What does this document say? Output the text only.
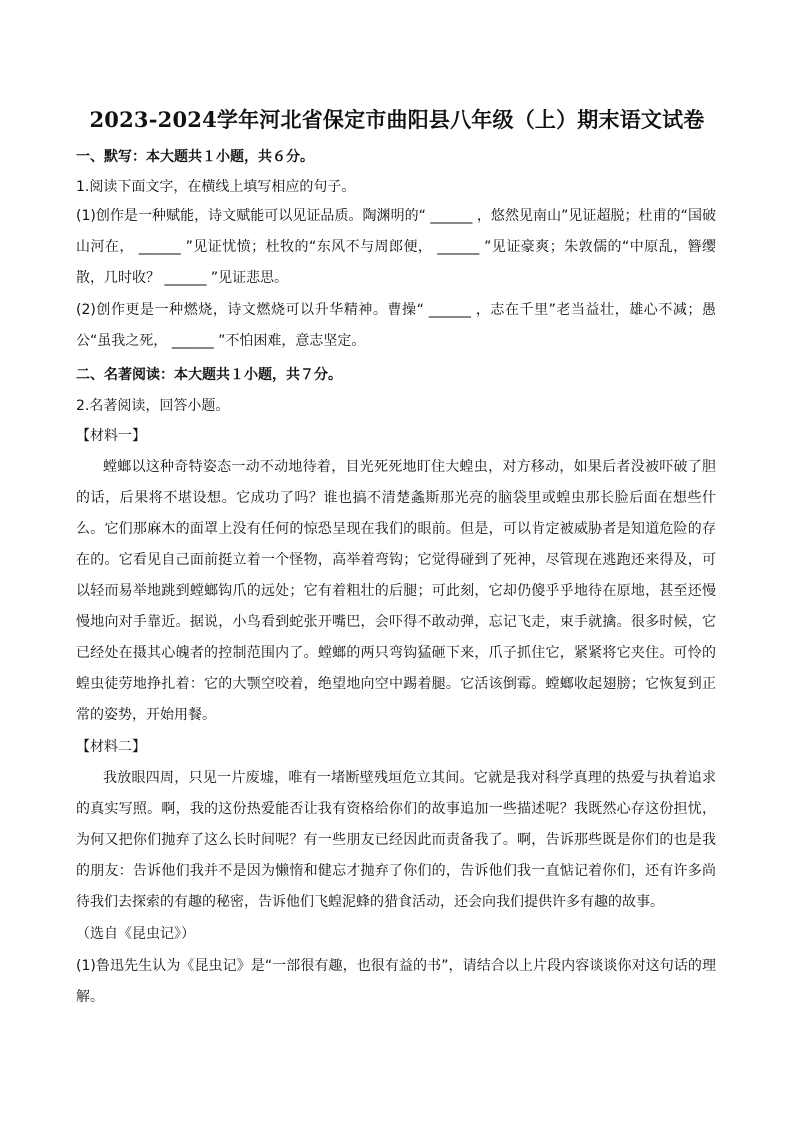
2023-2024学年河北省保定市曲阳县八年级（上）期末语文试卷
一、默写：本大题共１小题，共６分。
1.阅读下面文字，在横线上填写相应的句子。
(1)创作是一种赋能，诗文赋能可以见证品质。陶渊明的“ ______ ，悠然见南山”见证超脱；杜甫的“国破山河在， ______ ”见证忧愤；杜牧的“东风不与周郎便， ______ ”见证豪爽；朱敦儒的“中原乱，簪缨散，几时收？ ______ ”见证悲思。
(2)创作更是一种燃烧，诗文燃烧可以升华精神。曹操“ ______ ，志在千里”老当益壮，雄心不减；愚公“虽我之死， ______ ”不怕困难，意志坚定。
二、名著阅读：本大题共１小题，共７分。
2.名著阅读，回答小题。
【材料一】
螳螂以这种奇特姿态一动不动地待着，目光死死地盯住大蝗虫，对方移动，如果后者没被吓破了胆的话，后果将不堪设想。它成功了吗？谁也搞不清楚螽斯那光亮的脑袋里或蝗虫那长脸后面在想些什么。它们那麻木的面罩上没有任何的惊恐呈现在我们的眼前。但是，可以肯定被威胁者是知道危险的存在的。它看见自己面前挺立着一个怪物，高举着弯钩；它觉得碰到了死神，尽管现在逃跑还来得及，可以轻而易举地跳到螳螂钩爪的远处；它有着粗壮的后腿；可此刻，它却仍傻乎乎地待在原地，甚至还慢慢地向对手靠近。据说，小鸟看到蛇张开嘴巴，会吓得不敢动弹，忘记飞走，束手就擒。很多时候，它已经处在摄其心魄者的控制范围内了。螳螂的两只弯钩猛砸下来，爪子抓住它，紧紧将它夹住。可怜的蝗虫徒劳地挣扎着：它的大颚空咬着，绝望地向空中踢着腿。它活该倒霉。螳螂收起翅膀；它恢复到正常的姿势，开始用餐。
【材料二】
我放眼四周，只见一片废墟，唯有一堵断壁残垣危立其间。它就是我对科学真理的热爱与执着追求的真实写照。啊，我的这份热爱能否让我有资格给你们的故事追加一些描述呢？我既然心存这份担忧，为何又把你们抛弃了这么长时间呢？有一些朋友已经因此而责备我了。啊，告诉那些既是你们的也是我的朋友：告诉他们我并不是因为懒惰和健忘才抛弃了你们的，告诉他们我一直惦记着你们，还有许多尚待我们去探索的有趣的秘密，告诉他们飞蝗泥蜂的猎食活动，还会向我们提供许多有趣的故事。
（选自《昆虫记》）
(1)鲁迅先生认为《昆虫记》是“一部很有趣，也很有益的书”，请结合以上片段内容谈谈你对这句话的理解。
